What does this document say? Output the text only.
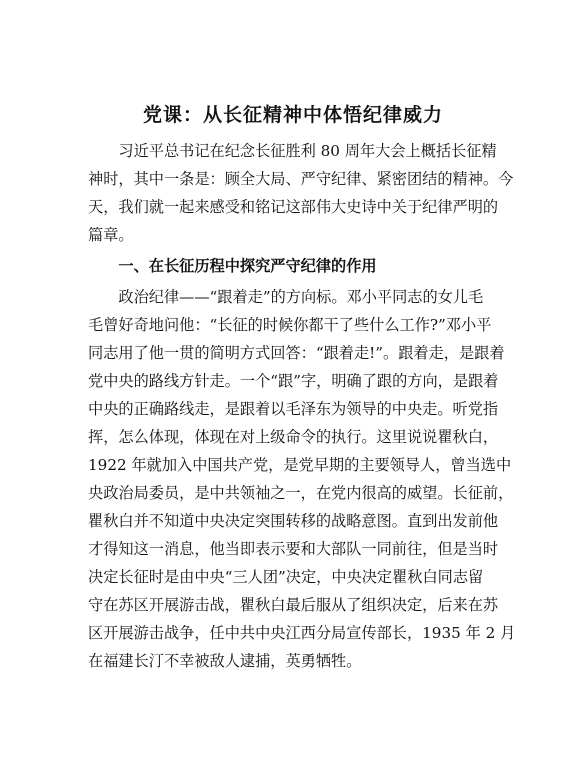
党课：从长征精神中体悟纪律威力
　　习近平总书记在纪念长征胜利 80 周年大会上概括长征精
神时，其中一条是：顾全大局、严守纪律、紧密团结的精神。今
天，我们就一起来感受和铭记这部伟大史诗中关于纪律严明的
篇章。
　　一、在长征历程中探究严守纪律的作用
　　政治纪律——“跟着走”的方向标。邓小平同志的女儿毛
毛曾好奇地问他：“长征的时候你都干了些什么工作?”邓小平
同志用了他一贯的简明方式回答：“跟着走!”。跟着走，是跟着
党中央的路线方针走。一个“跟”字，明确了跟的方向，是跟着
中央的正确路线走，是跟着以毛泽东为领导的中央走。听党指
挥，怎么体现，体现在对上级命令的执行。这里说说瞿秋白，
1922 年就加入中国共产党，是党早期的主要领导人，曾当选中
央政治局委员，是中共领袖之一，在党内很高的威望。长征前，
瞿秋白并不知道中央决定突围转移的战略意图。直到出发前他
才得知这一消息，他当即表示要和大部队一同前往，但是当时
决定长征时是由中央“三人团”决定，中央决定瞿秋白同志留
守在苏区开展游击战，瞿秋白最后服从了组织决定，后来在苏
区开展游击战争，任中共中央江西分局宣传部长，1935 年 2 月
在福建长汀不幸被敌人逮捕，英勇牺牲。
